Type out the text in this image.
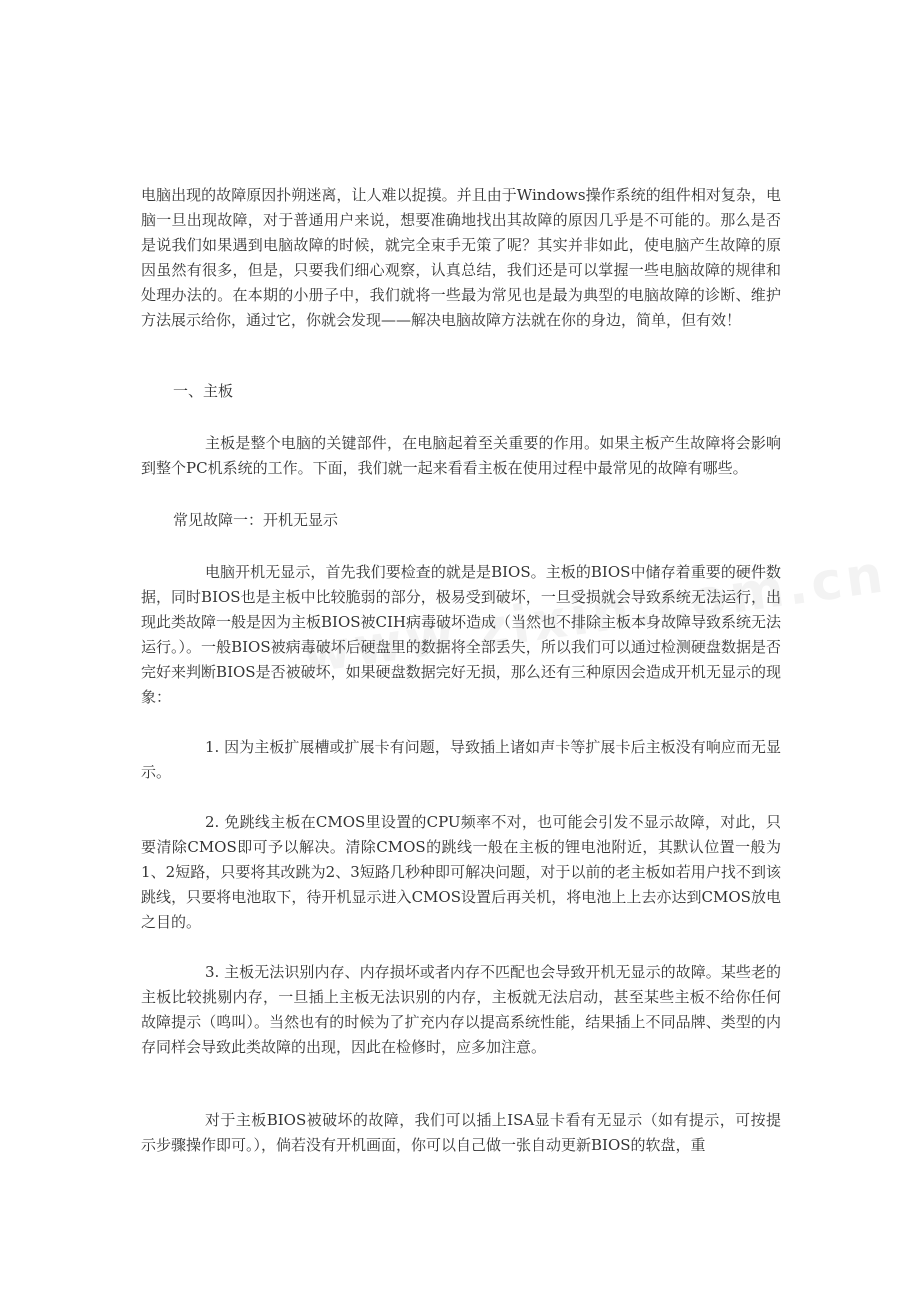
电脑出现的故障原因扑朔迷离，让人难以捉摸。并且由于Windows操作系统的组件相对复杂，电脑一旦出现故障，对于普通用户来说，想要准确地找出其故障的原因几乎是不可能的。那么是否是说我们如果遇到电脑故障的时候，就完全束手无策了呢？其实并非如此，使电脑产生故障的原因虽然有很多，但是，只要我们细心观察，认真总结，我们还是可以掌握一些电脑故障的规律和处理办法的。在本期的小册子中，我们就将一些最为常见也是最为典型的电脑故障的诊断、维护方法展示给你，通过它，你就会发现——解决电脑故障方法就在你的身边，简单，但有效！

一、主板

主板是整个电脑的关键部件，在电脑起着至关重要的作用。如果主板产生故障将会影响到整个PC机系统的工作。下面，我们就一起来看看主板在使用过程中最常见的故障有哪些。

常见故障一：开机无显示

电脑开机无显示，首先我们要检查的就是是BIOS。主板的BIOS中储存着重要的硬件数据，同时BIOS也是主板中比较脆弱的部分，极易受到破坏，一旦受损就会导致系统无法运行，出现此类故障一般是因为主板BIOS被CIH病毒破坏造成（当然也不排除主板本身故障导致系统无法运行。）。一般BIOS被病毒破坏后硬盘里的数据将全部丢失，所以我们可以通过检测硬盘数据是否完好来判断BIOS是否被破坏，如果硬盘数据完好无损，那么还有三种原因会造成开机无显示的现象：

1. 因为主板扩展槽或扩展卡有问题，导致插上诸如声卡等扩展卡后主板没有响应而无显示。

2. 免跳线主板在CMOS里设置的CPU频率不对，也可能会引发不显示故障，对此，只要清除CMOS即可予以解决。清除CMOS的跳线一般在主板的锂电池附近，其默认位置一般为1、2短路，只要将其改跳为2、3短路几秒种即可解决问题，对于以前的老主板如若用户找不到该跳线，只要将电池取下，待开机显示进入CMOS设置后再关机，将电池上上去亦达到CMOS放电之目的。

3. 主板无法识别内存、内存损坏或者内存不匹配也会导致开机无显示的故障。某些老的主板比较挑剔内存，一旦插上主板无法识别的内存，主板就无法启动，甚至某些主板不给你任何故障提示（鸣叫）。当然也有的时候为了扩充内存以提高系统性能，结果插上不同品牌、类型的内存同样会导致此类故障的出现，因此在检修时，应多加注意。

对于主板BIOS被破坏的故障，我们可以插上ISA显卡看有无显示（如有提示，可按提示步骤操作即可。），倘若没有开机画面，你可以自己做一张自动更新BIOS的软盘，重
